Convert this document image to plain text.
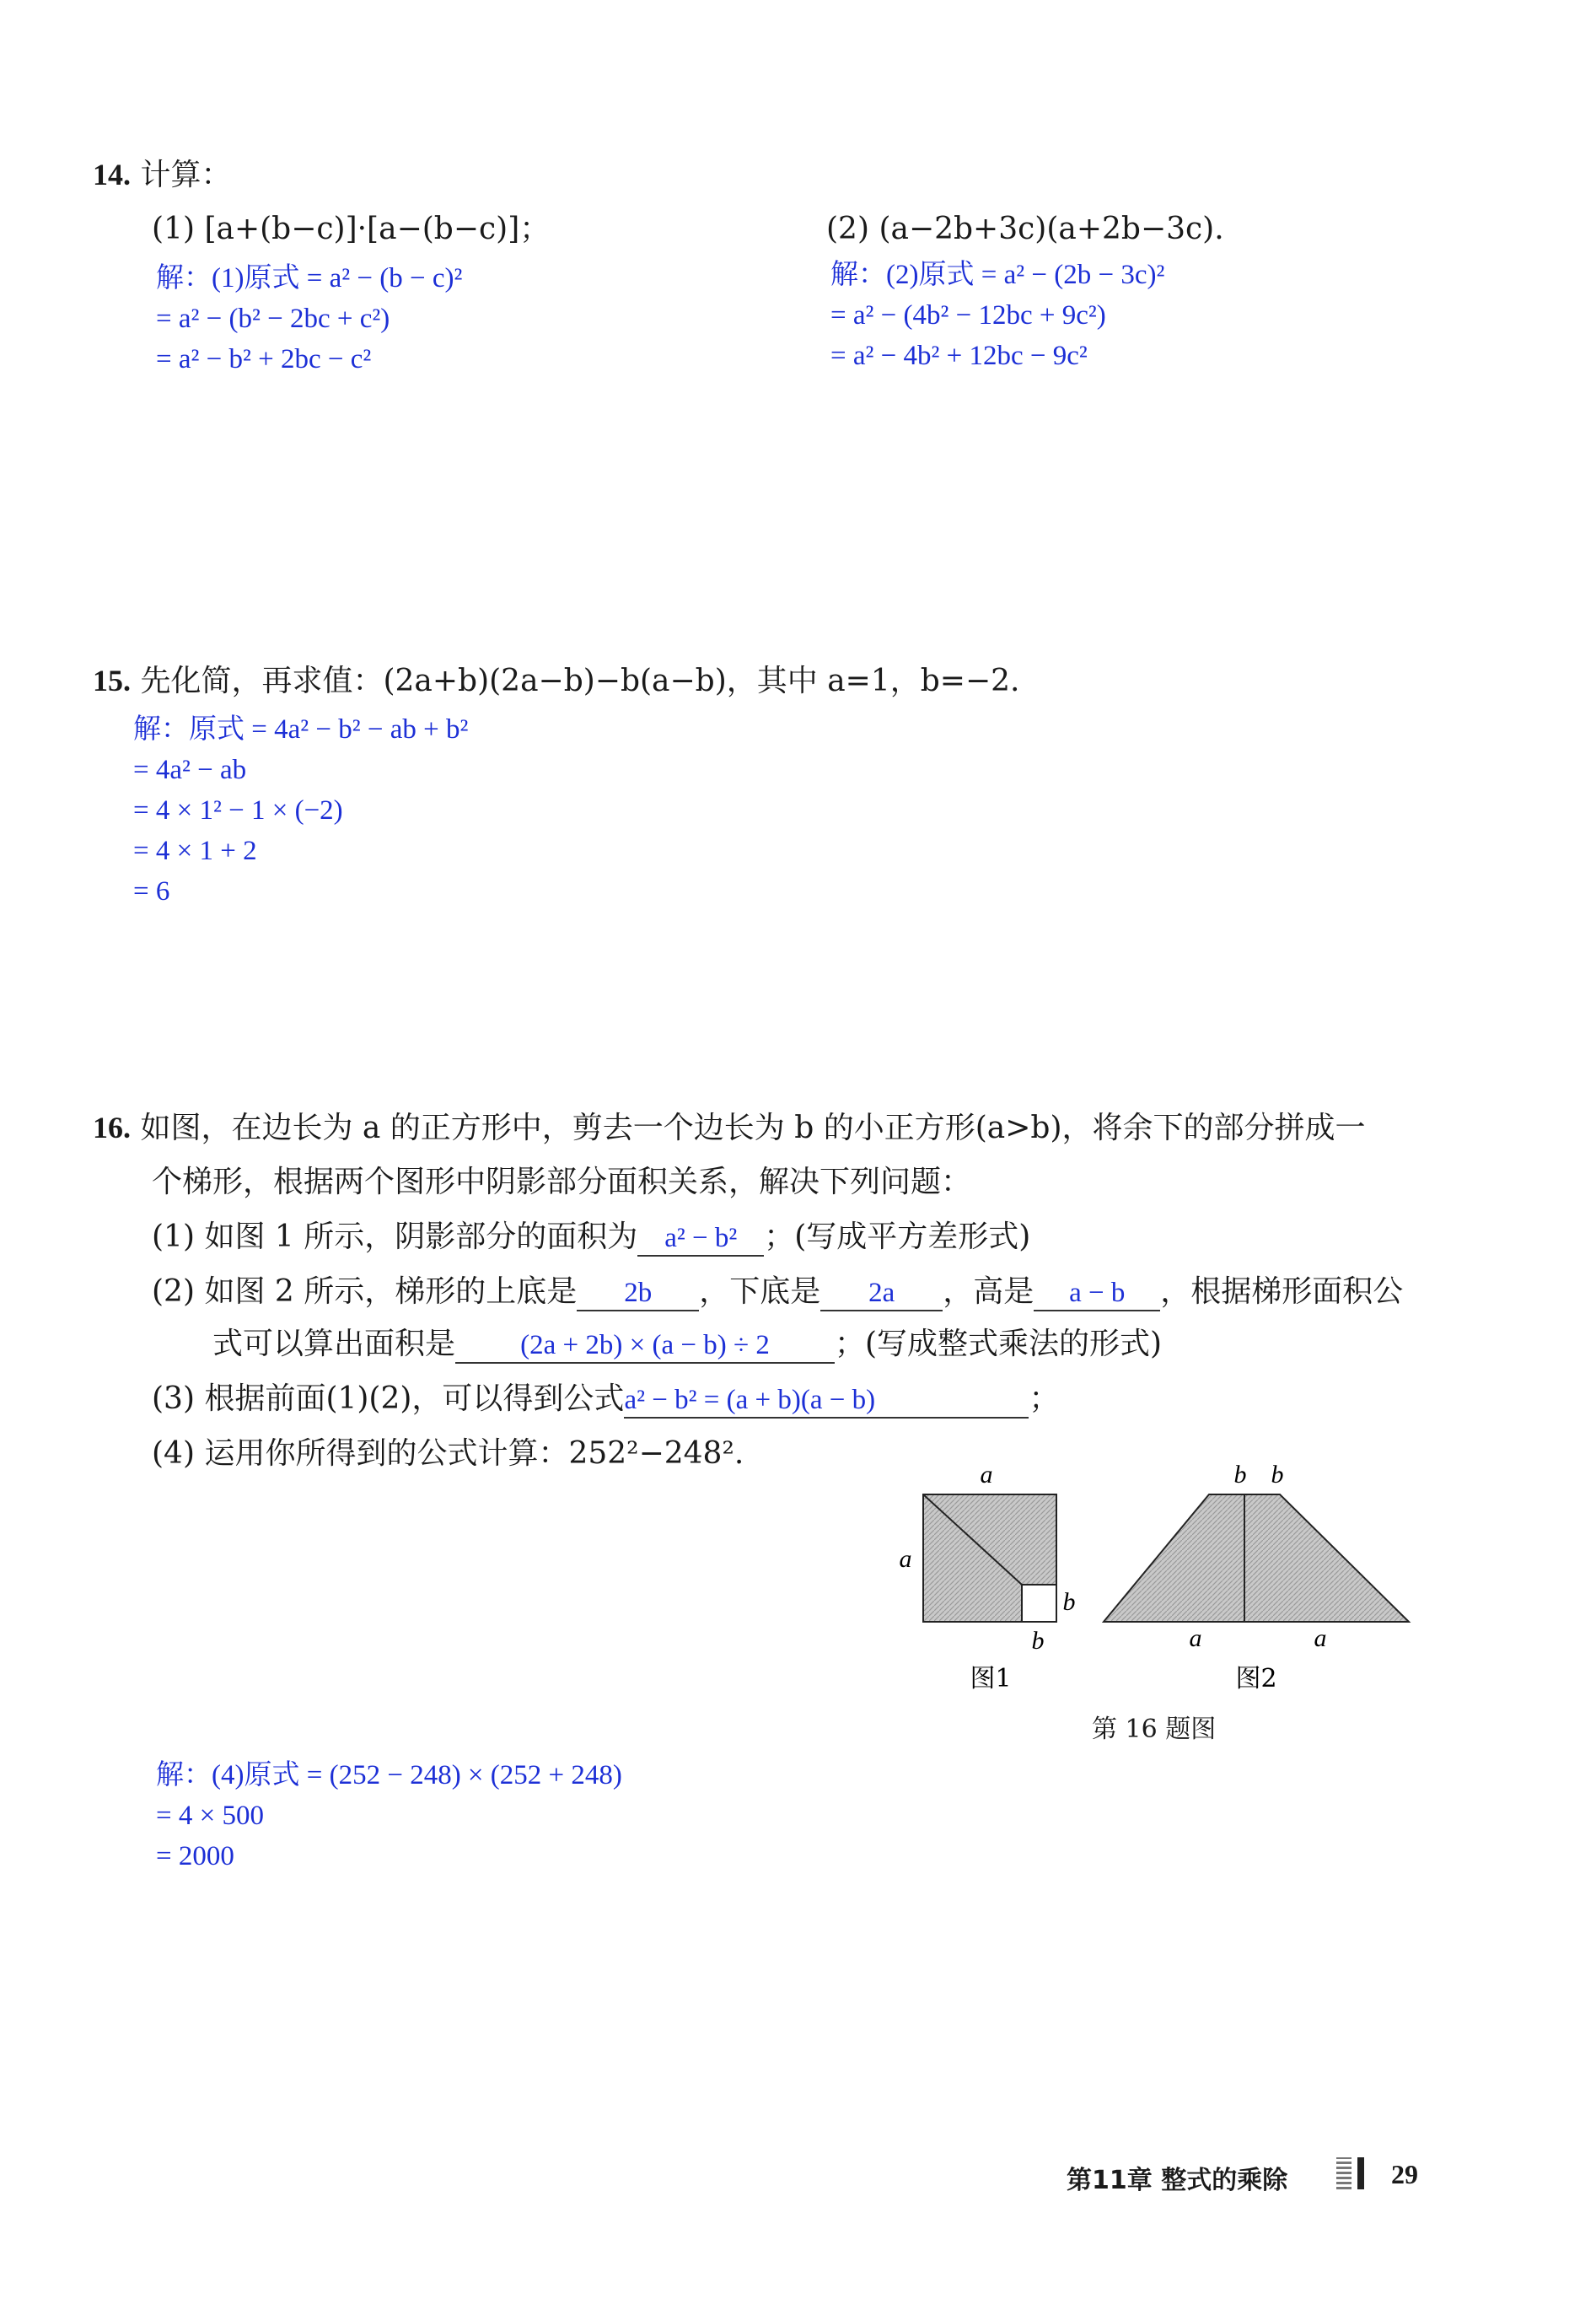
14. 计算：
(1) [a+(b−c)]·[a−(b−c)]；	(2) (a−2b+3c)(a+2b−3c).
解：(1)原式 = a² − (b − c)²
= a² − (b² − 2bc + c²)
= a² − b² + 2bc − c²
解：(2)原式 = a² − (2b − 3c)²
= a² − (4b² − 12bc + 9c²)
= a² − 4b² + 12bc − 9c²
15. 先化简，再求值：(2a+b)(2a−b)−b(a−b)，其中 a=1，b=−2.
解：原式 = 4a² − b² − ab + b²
= 4a² − ab
= 4 × 1² − 1 × (−2)
= 4 × 1 + 2
= 6
16. 如图，在边长为 a 的正方形中，剪去一个边长为 b 的小正方形(a>b)，将余下的部分拼成一
个梯形，根据两个图形中阴影部分面积关系，解决下列问题：
(1) 如图 1 所示，阴影部分的面积为 a² − b² ；(写成平方差形式)
(2) 如图 2 所示，梯形的上底是 2b ，下底是 2a ，高是 a − b ，根据梯形面积公
式可以算出面积是 (2a + 2b) × (a − b) ÷ 2 ；(写成整式乘法的形式)
(3) 根据前面(1)(2)，可以得到公式a² − b² = (a + b)(a − b)	；
(4) 运用你所得到的公式计算：252²−248².
a
a
b
b
图1
b b
a	a
图2
第 16 题图
解：(4)原式 = (252 − 248) × (252 + 248)
= 4 × 500
= 2000
第11章 整式的乘除	29
